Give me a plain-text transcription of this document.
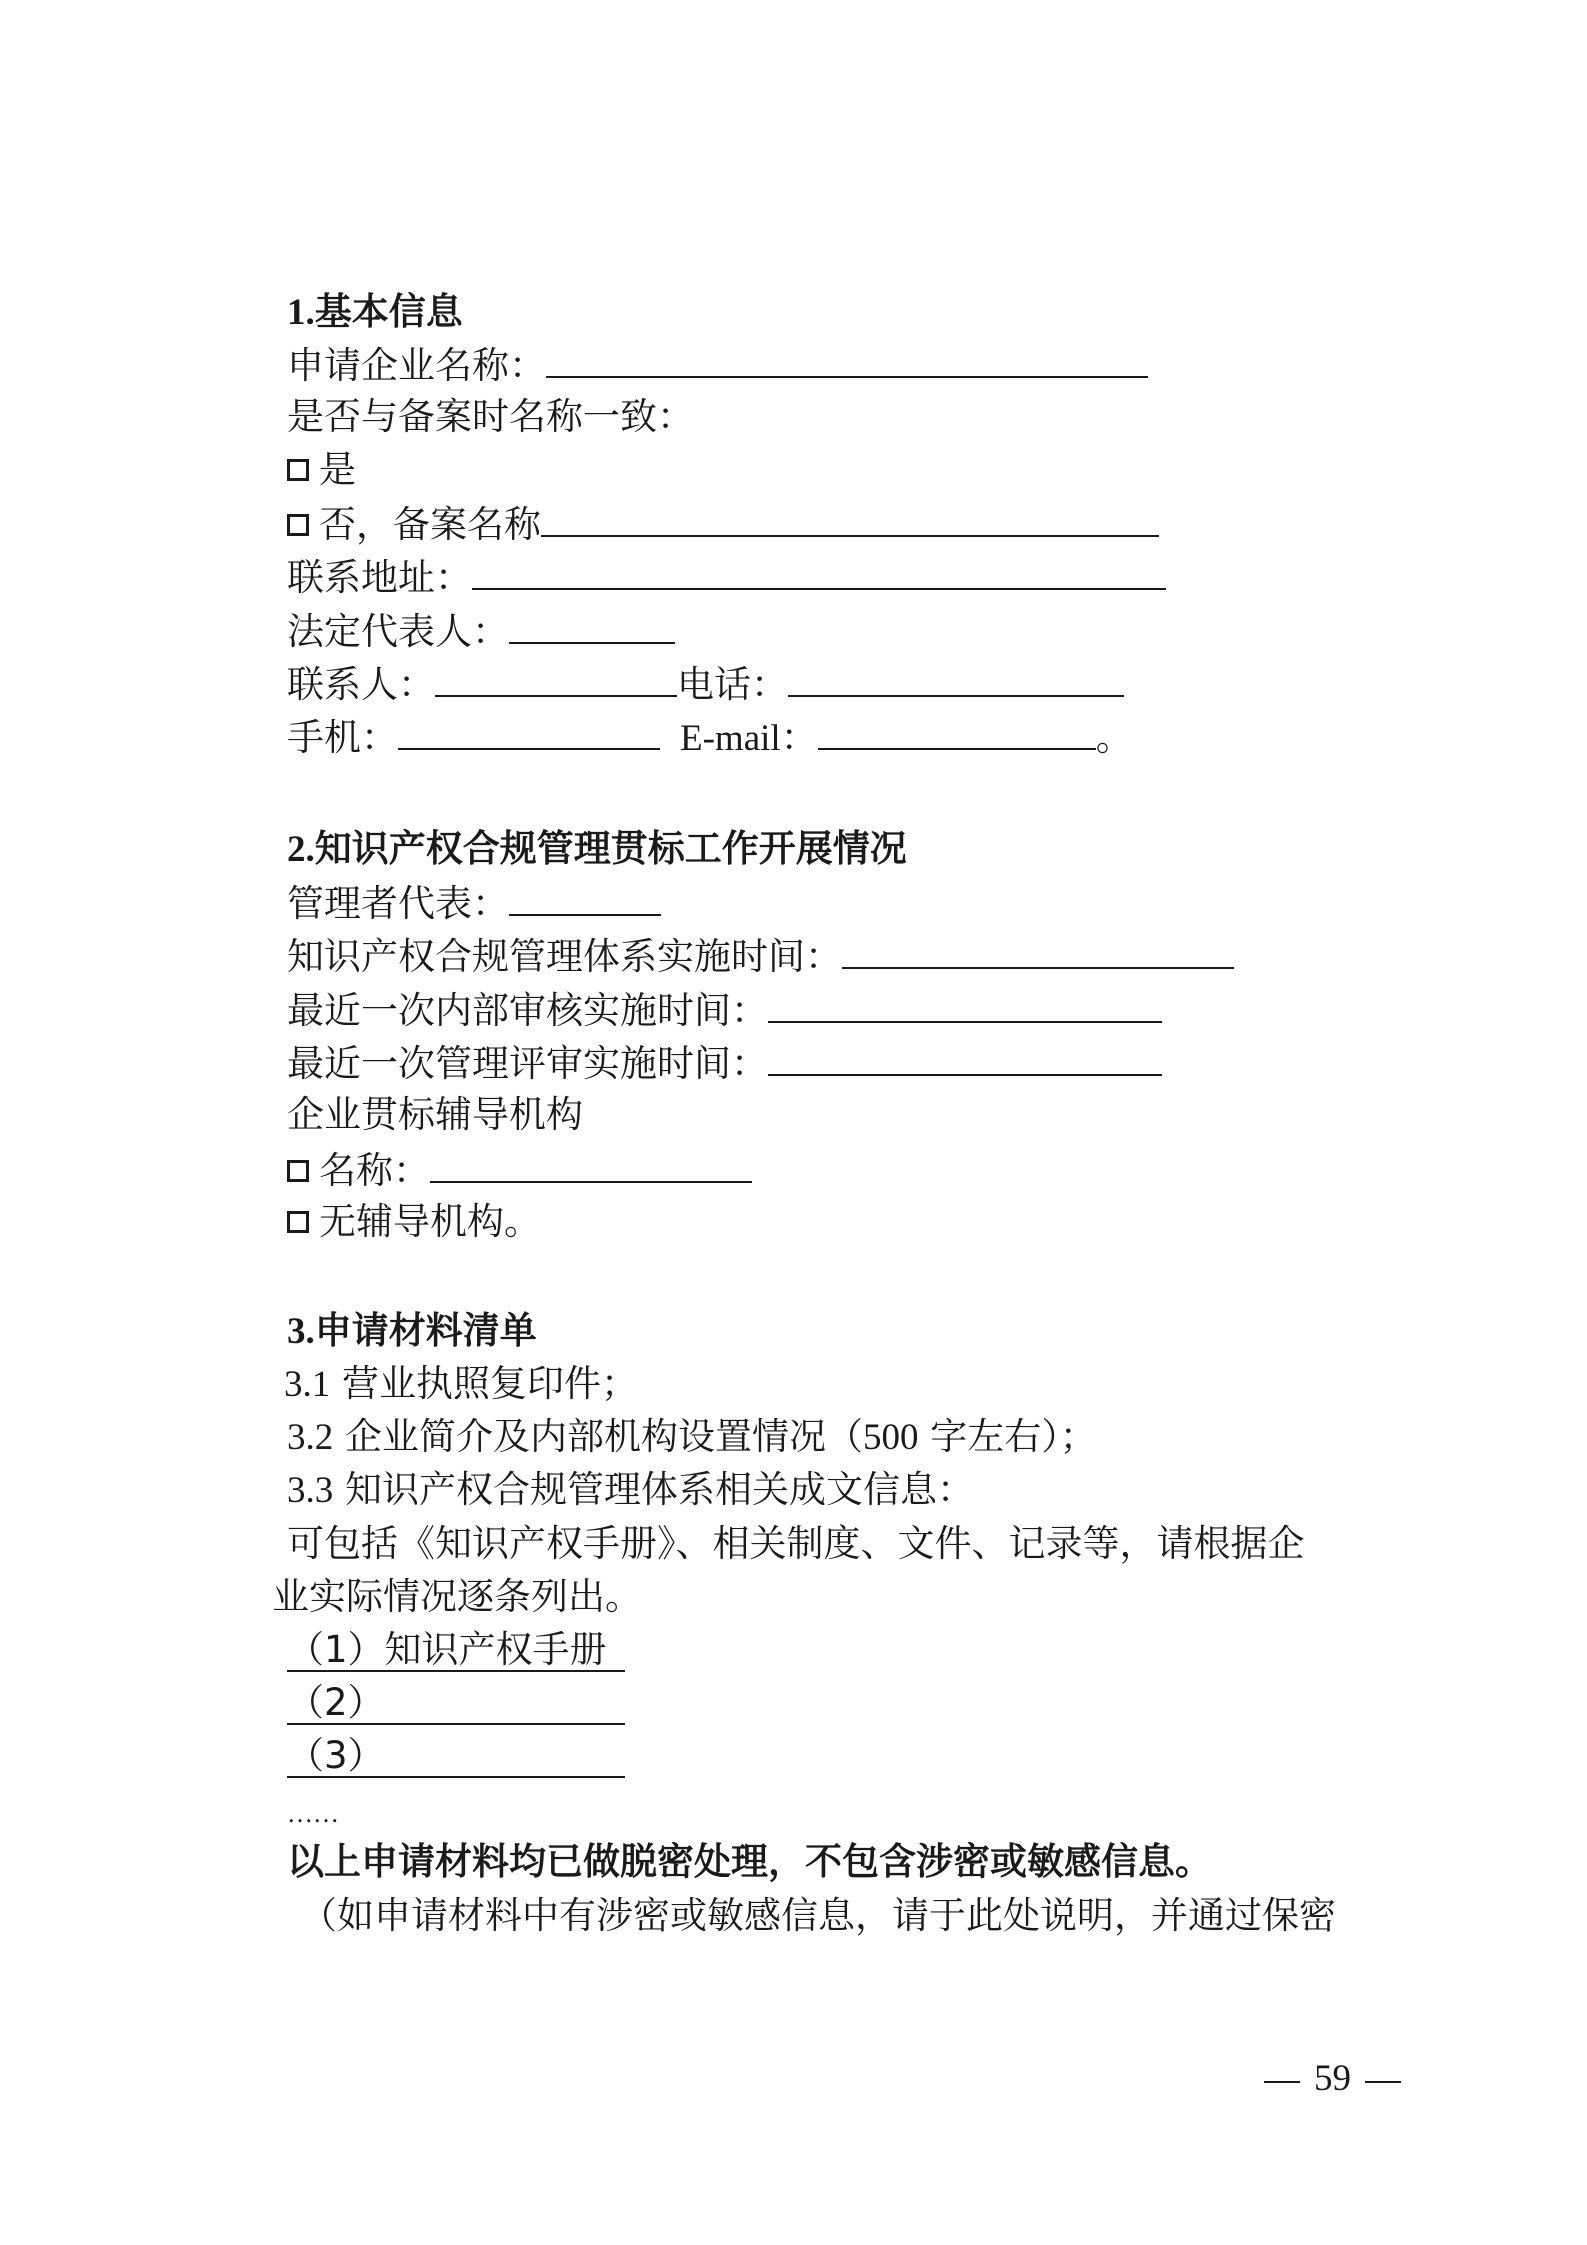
1.基本信息
申请企业名称：
是否与备案时名称一致：
是
否，备案名称
联系地址：
法定代表人：
联系人：	电话：
手机：	E-mail：	。
2.知识产权合规管理贯标工作开展情况
管理者代表：
知识产权合规管理体系实施时间：
最近一次内部审核实施时间：
最近一次管理评审实施时间：
企业贯标辅导机构
名称：
无辅导机构。
3.申请材料清单
3.1 营业执照复印件；
3.2 企业简介及内部机构设置情况（500 字左右）；
3.3 知识产权合规管理体系相关成文信息：
可包括《知识产权手册》、相关制度、文件、记录等，请根据企
业实际情况逐条列出。
（1）知识产权手册
（2）
（3）
……
以上申请材料均已做脱密处理，不包含涉密或敏感信息。
（如申请材料中有涉密或敏感信息，请于此处说明，并通过保密
59
